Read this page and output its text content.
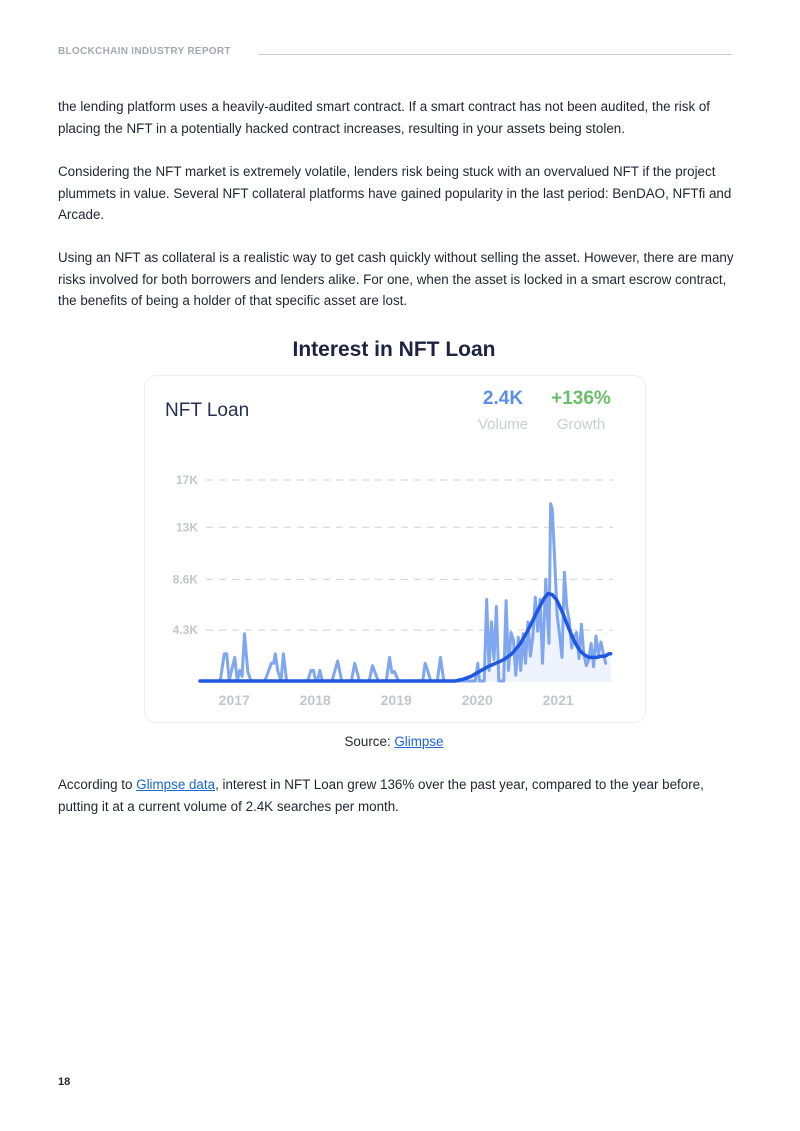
BLOCKCHAIN INDUSTRY REPORT

the lending platform uses a heavily-audited smart contract. If a smart contract has not been audited, the risk of placing the NFT in a potentially hacked contract increases, resulting in your assets being stolen.

Considering the NFT market is extremely volatile, lenders risk being stuck with an overvalued NFT if the project plummets in value. Several NFT collateral platforms have gained popularity in the last period: BenDAO, NFTfi and Arcade.

Using an NFT as collateral is a realistic way to get cash quickly without selling the asset. However, there are many risks involved for both borrowers and lenders alike. For one, when the asset is locked in a smart escrow contract, the benefits of being a holder of that specific asset are lost.

Interest in NFT Loan
NFT Loan
2.4K
Volume
+136%
Growth
4.3K
8.6K
13K
17K
2017	2018	2019	2020	2021
Source: Glimpse

According to Glimpse data, interest in NFT Loan grew 136% over the past year, compared to the year before, putting it at a current volume of 2.4K searches per month.

18
